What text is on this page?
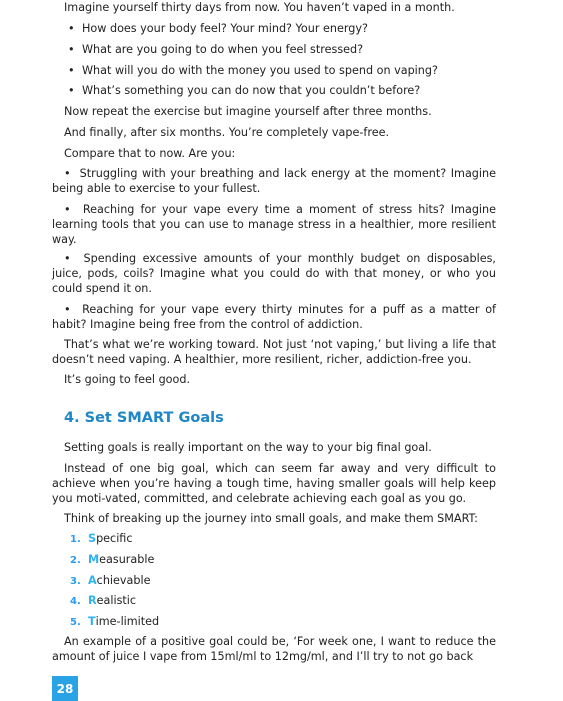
Imagine yourself thirty days from now. You haven’t vaped in a month.

• How does your body feel? Your mind? Your energy?
• What are you going to do when you feel stressed?
• What will you do with the money you used to spend on vaping?
• What’s something you can do now that you couldn’t before?

Now repeat the exercise but imagine yourself after three months.

And finally, after six months. You’re completely vape-free.

Compare that to now. Are you:

•  Struggling with your breathing and lack energy at the moment? Imagine being able to exercise to your fullest.

•  Reaching for your vape every time a moment of stress hits? Imagine learning tools that you can use to manage stress in a healthier, more resilient way.

•  Spending excessive amounts of your monthly budget on disposables, juice, pods, coils? Imagine what you could do with that money, or who you could spend it on.

•  Reaching for your vape every thirty minutes for a puff as a matter of habit? Imagine being free from the control of addiction.

That’s what we’re working toward. Not just ‘not vaping,’ but living a life that doesn’t need vaping. A healthier, more resilient, richer, addiction-free you.

It’s going to feel good.

4. Set SMART Goals

Setting goals is really important on the way to your big final goal.

Instead of one big goal, which can seem far away and very difficult to achieve when you’re having a tough time, having smaller goals will help keep you moti-vated, committed, and celebrate achieving each goal as you go.

Think of breaking up the journey into small goals, and make them SMART:

1. Specific
2. Measurable
3. Achievable
4. Realistic
5. Time-limited

An example of a positive goal could be, ‘For week one, I want to reduce the amount of juice I vape from 15ml/ml to 12mg/ml, and I’ll try to not go back

28
